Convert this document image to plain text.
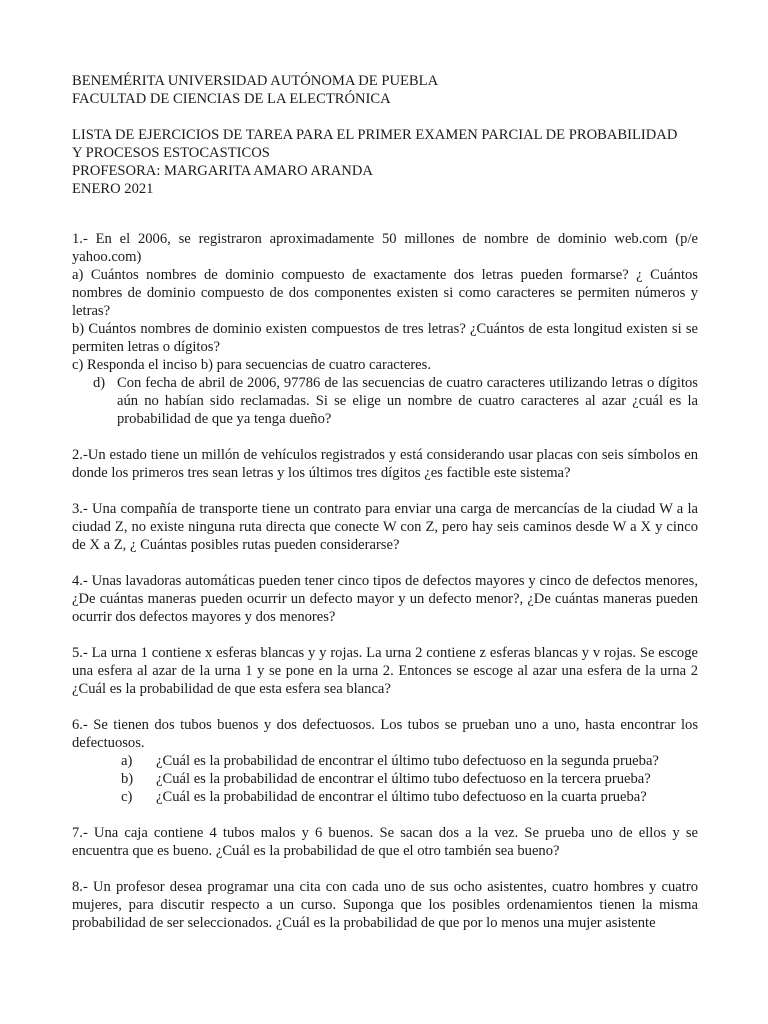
BENEMÉRITA UNIVERSIDAD AUTÓNOMA DE PUEBLA
FACULTAD DE CIENCIAS DE LA ELECTRÓNICA
LISTA DE EJERCICIOS DE TAREA PARA EL PRIMER EXAMEN PARCIAL DE PROBABILIDAD
Y PROCESOS ESTOCASTICOS
PROFESORA: MARGARITA AMARO ARANDA
ENERO 2021
1.- En el 2006, se registraron aproximadamente 50 millones de nombre de dominio web.com (p/e yahoo.com)
a) Cuántos nombres de dominio compuesto de exactamente dos letras pueden formarse? ¿ Cuántos nombres de dominio compuesto de dos componentes existen si como caracteres se permiten números y letras?
b) Cuántos nombres de dominio existen compuestos de tres letras? ¿Cuántos de esta longitud existen si se permiten letras o dígitos?
c) Responda el inciso b) para secuencias de cuatro caracteres.
d) Con fecha de abril de 2006, 97786 de las secuencias de cuatro caracteres utilizando letras o dígitos aún no habían sido reclamadas. Si se elige un nombre de cuatro caracteres al azar ¿cuál es la probabilidad de que ya tenga dueño?
2.-Un estado tiene un millón de vehículos registrados y está considerando usar placas con seis símbolos en donde los primeros tres sean letras y los últimos tres dígitos ¿es factible este sistema?
3.- Una compañía de transporte tiene un contrato para enviar una carga de mercancías de la ciudad W a la ciudad Z, no existe ninguna ruta directa que conecte W con Z, pero hay seis caminos desde W a X y cinco de X a Z, ¿ Cuántas posibles rutas pueden considerarse?
4.- Unas lavadoras automáticas pueden tener cinco tipos de defectos mayores y cinco de defectos menores, ¿De cuántas maneras pueden ocurrir un defecto mayor y un defecto menor?, ¿De cuántas maneras pueden ocurrir dos defectos mayores y dos menores?
5.- La urna 1 contiene x esferas blancas y y rojas. La urna 2 contiene z esferas blancas y v rojas. Se escoge una esfera al azar de la urna 1 y se pone en la urna 2. Entonces se escoge al azar una esfera de la urna 2 ¿Cuál es la probabilidad de que esta esfera sea blanca?
6.- Se tienen dos tubos buenos y dos defectuosos. Los tubos se prueban uno a uno, hasta encontrar los defectuosos.
a) ¿Cuál es la probabilidad de encontrar el último tubo defectuoso en la segunda prueba?
b) ¿Cuál es la probabilidad de encontrar el último tubo defectuoso en la tercera prueba?
c) ¿Cuál es la probabilidad de encontrar el último tubo defectuoso en la cuarta prueba?
7.- Una caja contiene 4 tubos malos y 6 buenos. Se sacan dos a la vez. Se prueba uno de ellos y se encuentra que es bueno. ¿Cuál es la probabilidad de que el otro también sea bueno?
8.- Un profesor desea programar una cita con cada uno de sus ocho asistentes, cuatro hombres y cuatro mujeres, para discutir respecto a un curso. Suponga que los posibles ordenamientos tienen la misma probabilidad de ser seleccionados. ¿Cuál es la probabilidad de que por lo menos una mujer asistente
